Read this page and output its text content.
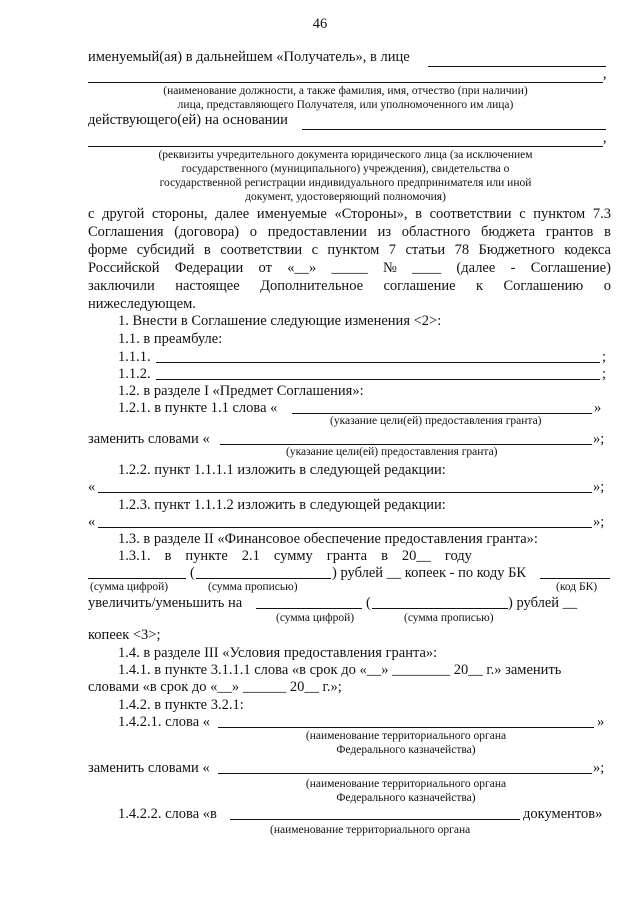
46
именуемый(ая) в дальнейшем «Получатель», в лице
,
(наименование должности, а также фамилия, имя, отчество (при наличии)
лица, представляющего Получателя, или уполномоченного им лица)
действующего(ей) на основании
,
(реквизиты учредительного документа юридического лица (за исключением
государственного (муниципального) учреждения), свидетельства о
государственной регистрации индивидуального предпринимателя или иной
документ, удостоверяющий полномочия)
с другой стороны, далее именуемые «Стороны», в соответствии с пунктом 7.3
Соглашения (договора) о предоставлении из областного бюджета грантов в
форме субсидий в соответствии с пунктом 7 статьи 78 Бюджетного кодекса
Российской Федерации от «__» _____ № ____ (далее - Соглашение)
заключили настоящее Дополнительное соглашение к Соглашению о
нижеследующем.
1. Внести в Соглашение следующие изменения <2>:
1.1. в преамбуле:
1.1.1.	;
1.1.2.	;
1.2. в разделе I «Предмет Соглашения»:
1.2.1. в пункте 1.1 слова «	»
(указание цели(ей) предоставления гранта)
заменить словами «	»;
(указание цели(ей) предоставления гранта)
1.2.2. пункт 1.1.1.1 изложить в следующей редакции:
«	»;
1.2.3. пункт 1.1.1.2 изложить в следующей редакции:
«	»;
1.3. в разделе II «Финансовое обеспечение предоставления гранта»:
1.3.1. в пункте 2.1 сумму гранта в 20__ году
(	) рублей __ копеек - по коду БК
(сумма цифрой)	(сумма прописью)	(код БК)
увеличить/уменьшить на	(	) рублей __
(сумма цифрой)	(сумма прописью)
копеек <3>;
1.4. в разделе III «Условия предоставления гранта»:
1.4.1. в пункте 3.1.1.1 слова «в срок до «__» ________ 20__ г.» заменить
словами «в срок до «__» ______ 20__ г.»;
1.4.2. в пункте 3.2.1:
1.4.2.1. слова «	»
(наименование территориального органа
Федерального казначейства)
заменить словами «	»;
(наименование территориального органа
Федерального казначейства)
1.4.2.2. слова «в	документов»
(наименование территориального органа
